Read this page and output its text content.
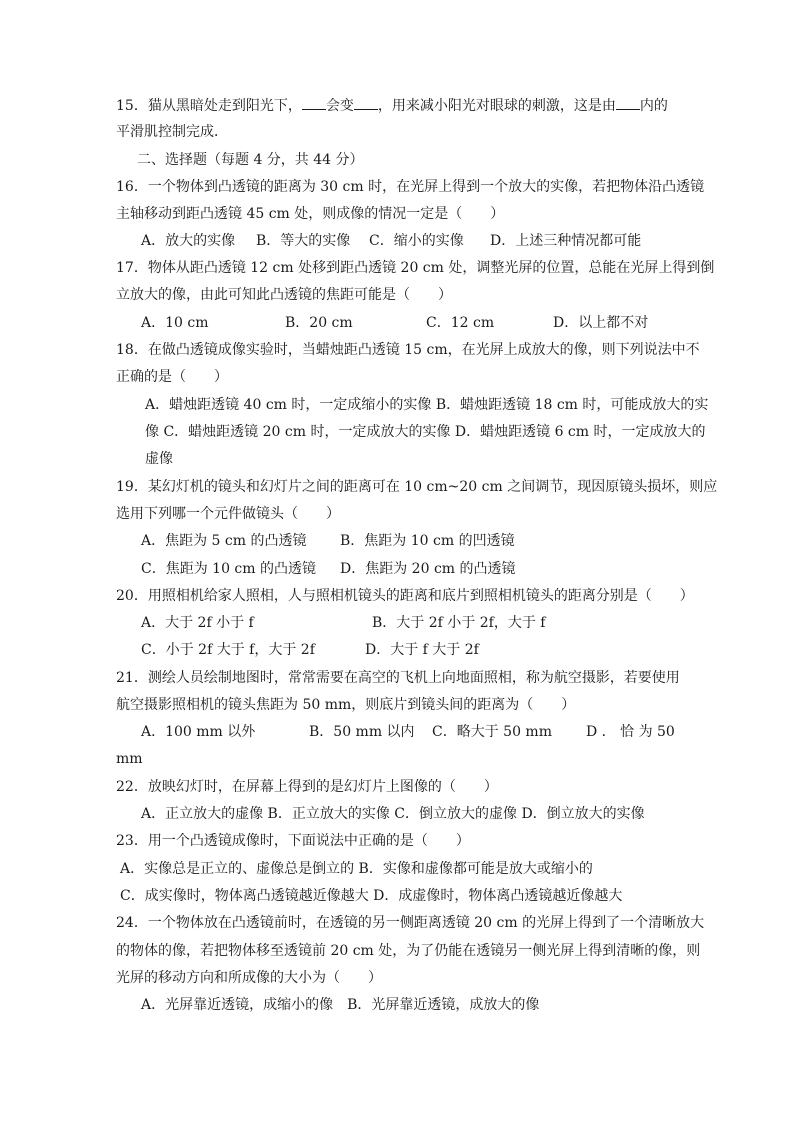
15．猫从黑暗处走到阳光下， 会变 ，用来减小阳光对眼球的刺激，这是由 内的
平滑肌控制完成．
二、选择题（每题 4 分，共 44 分）
16．一个物体到凸透镜的距离为 30 cm 时，在光屏上得到一个放大的实像，若把物体沿凸透镜
主轴移动到距凸透镜 45 cm 处，则成像的情况一定是（　　）
A．放大的实像 B．等大的实像 C．缩小的实像 D．上述三种情况都可能
17．物体从距凸透镜 12 cm 处移到距凸透镜 20 cm 处，调整光屏的位置，总能在光屏上得到倒
立放大的像，由此可知此凸透镜的焦距可能是（　　）
A．10 cm	B．20 cm	C．12 cm	D．以上都不对
18．在做凸透镜成像实验时，当蜡烛距凸透镜 15 cm，在光屏上成放大的像，则下列说法中不
正确的是（　　）
A．蜡烛距透镜 40 cm 时，一定成缩小的实像 B．蜡烛距透镜 18 cm 时，可能成放大的实
像 C．蜡烛距透镜 20 cm 时，一定成放大的实像 D．蜡烛距透镜 6 cm 时，一定成放大的
虚像
19．某幻灯机的镜头和幻灯片之间的距离可在 10 cm~20 cm 之间调节，现因原镜头损坏，则应
选用下列哪一个元件做镜头（　　）
A．焦距为 5 cm 的凸透镜 B．焦距为 10 cm 的凹透镜
C．焦距为 10 cm 的凸透镜 D．焦距为 20 cm 的凸透镜
20．用照相机给家人照相，人与照相机镜头的距离和底片到照相机镜头的距离分别是（　　）
A．大于 2f 小于 f	B．大于 2f 小于 2f，大于 f
C．小于 2f 大于 f，大于 2f	D．大于 f 大于 2f
21．测绘人员绘制地图时，常常需要在高空的飞机上向地面照相，称为航空摄影，若要使用
航空摄影照相机的镜头焦距为 50 mm，则底片到镜头间的距离为（　　）
A．100 mm 以外	B．50 mm 以内 C．略大于 50 mm D ． 恰 为 50
mm
22．放映幻灯时，在屏幕上得到的是幻灯片上图像的（　　）
A．正立放大的虚像 B．正立放大的实像 C．倒立放大的虚像 D．倒立放大的实像
23．用一个凸透镜成像时，下面说法中正确的是（　　）
A．实像总是正立的、虚像总是倒立的 B．实像和虚像都可能是放大或缩小的
C．成实像时，物体离凸透镜越近像越大 D．成虚像时，物体离凸透镜越近像越大
24．一个物体放在凸透镜前时，在透镜的另一侧距离透镜 20 cm 的光屏上得到了一个清晰放大
的物体的像，若把物体移至透镜前 20 cm 处，为了仍能在透镜另一侧光屏上得到清晰的像，则
光屏的移动方向和所成像的大小为（　　）
A．光屏靠近透镜，成缩小的像　B．光屏靠近透镜，成放大的像
